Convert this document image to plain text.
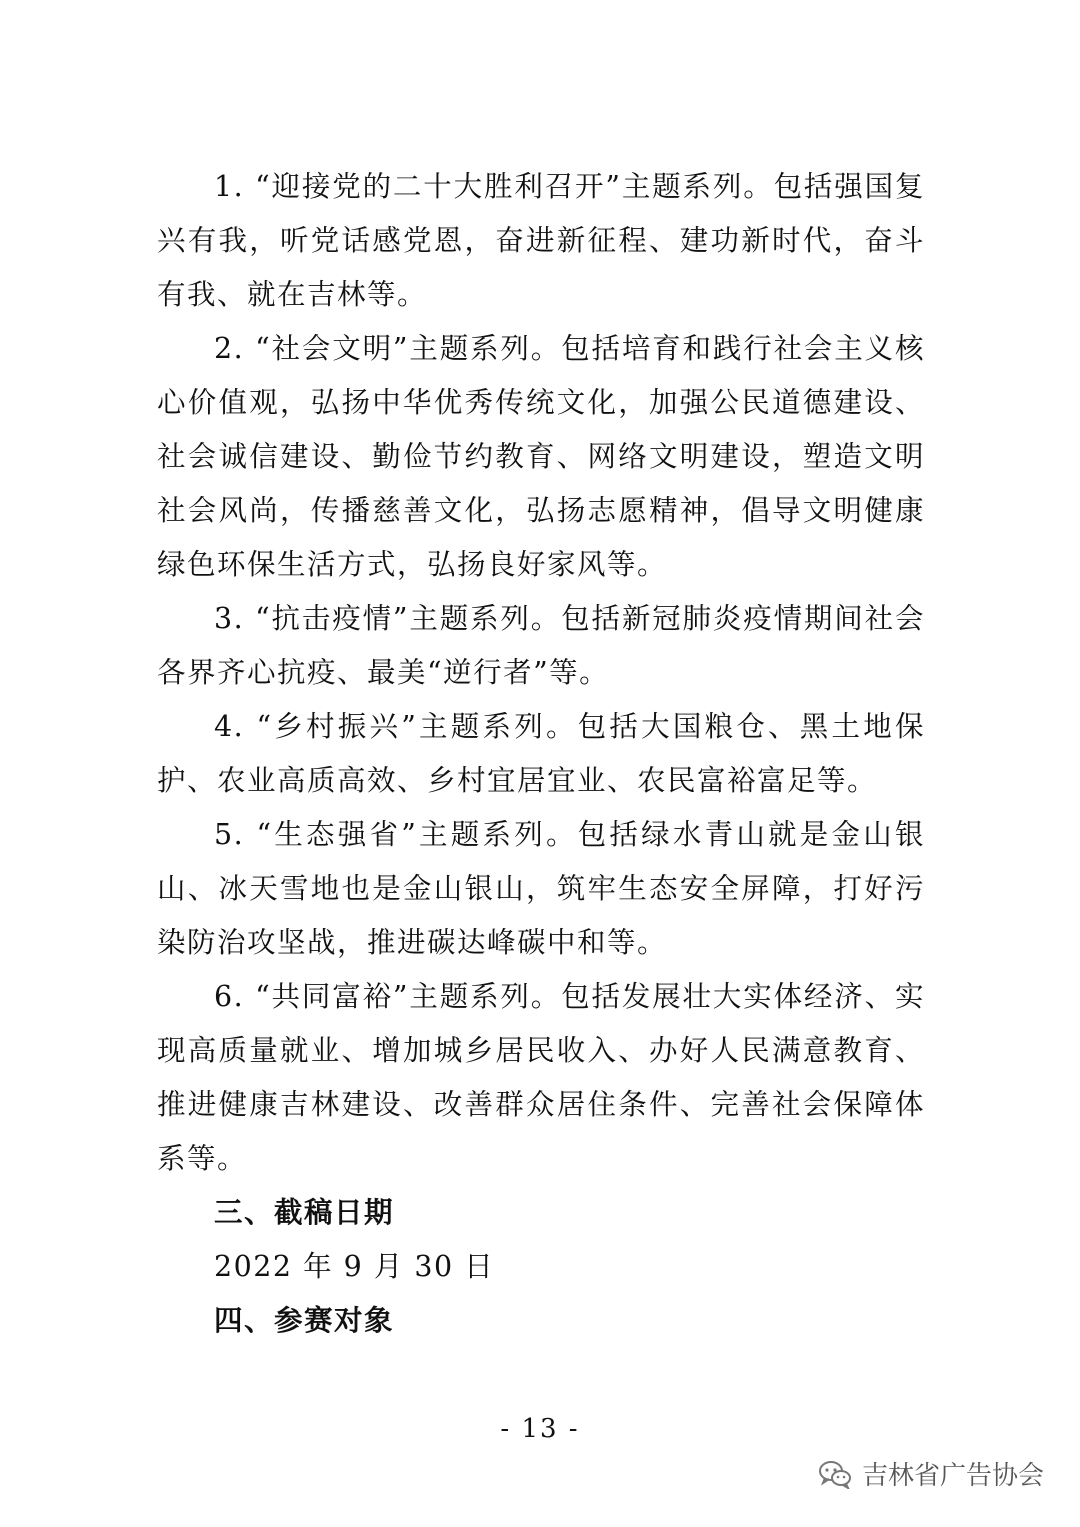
1. “迎接党的二十大胜利召开”主题系列。包括强国复兴有我，听党话感党恩，奋进新征程、建功新时代，奋斗有我、就在吉林等。

2. “社会文明”主题系列。包括培育和践行社会主义核心价值观，弘扬中华优秀传统文化，加强公民道德建设、社会诚信建设、勤俭节约教育、网络文明建设，塑造文明社会风尚，传播慈善文化，弘扬志愿精神，倡导文明健康绿色环保生活方式，弘扬良好家风等。

3. “抗击疫情”主题系列。包括新冠肺炎疫情期间社会各界齐心抗疫、最美“逆行者”等。

4. “乡村振兴”主题系列。包括大国粮仓、黑土地保护、农业高质高效、乡村宜居宜业、农民富裕富足等。

5. “生态强省”主题系列。包括绿水青山就是金山银山、冰天雪地也是金山银山，筑牢生态安全屏障，打好污染防治攻坚战，推进碳达峰碳中和等。

6. “共同富裕”主题系列。包括发展壮大实体经济、实现高质量就业、增加城乡居民收入、办好人民满意教育、推进健康吉林建设、改善群众居住条件、完善社会保障体系等。

三、截稿日期

2022 年 9 月 30 日

四、参赛对象

- 13 -
吉林省广告协会
